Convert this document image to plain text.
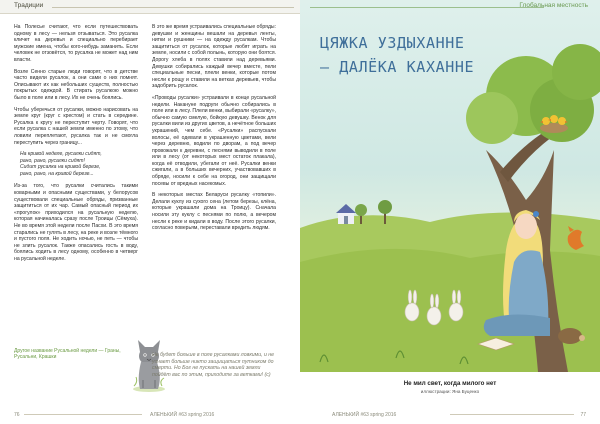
Традиции

На Полесье считают, что если путешествовать одному в лесу — нельзя отзываться. Это русалка кличет на деревья и специально перебирает мужские имена, чтобы кого-нибудь заманить. Если человек не отзовётся, то русалка не может над ним власти.

Возле Сенно старые люди говорят, что в детстве часто видели русалок, а они сами о них помнят. Описывают их как небольших существ, полностью покрытых одеждой. В стирать русалкою можно было в поле или в лесу. Их не очень боялись.

Чтобы уберечься от русалки, можно нарисовать на земле круг (круг с крестом) и стать в середине. Русалка к кругу не переступит черту. Говорят, что если русалка с нашей земли именно по этому, что ловили переплетают, русалка так и не смогла переступить через границу...

На кривой неделе, русалки сидят,
рано, рано, русалки сидят!
Сидит русалка на кривой березе,
рано, рано, на кривой березе...

Из-за того, что русалки считались такими коварными и опасными существами, у белорусов существовали специальные обряды, призванные защититься от их чар. Самый опасный период их «прогулок» приходился на русальную неделю, которая начиналась сразу после Троицы (Сёмуха). Не во время этой недели после Пасхи. В это время старались не гулять в лесу, на реке и возле тёмного и пустого поля. Не ходить ночью, не петь — чтобы не злить русалок. Также опасались гость в воду, боялись ходить в лесу одному, особенно в четверг на русальной неделе.

В это же время устраивались специальные обряды: девушки и женщины вешали на деревья ленты, нитки и рушники — на одежду русалкам. Чтобы защититься от русалок, которые любят играть на земле, носили с собой полынь, которую они боятся. Дорогу хлеба в полях ставили над деревьями. Девушки собирались каждый вечер вместе, пели специальные песни, плели венки, которые потом несли к рощу и ставили на ветках деревьев, чтобы задобрить русалок.

«Проводы русалки» устраивали в конце русальной недели. Накануне подруги обычно собирались в поле или в лесу. Плели венки, выбирали «русалку», обычно самую смелую, бойкую девушку. Венок для русалки вили из других цветов, а нечётное больших украшений, чем себе. «Русалки» распускали волосы, её одевали в украшенную цветами, вели через деревню, водили по дворам, а под вечер провожали к деревни, с песнями выводили в поле или в лесу (от некоторых мест остаток плакала), когда её отводили, убегали от неё. Русалки венки сжигали, а в больших вечерних, участвовавших в обряде, носили к себе на огород, они защищали посевы от вредных насекомых.

В некоторых местах Беларуси русалку «топили». Делали куклу из сухого сена (летом березы, клёна, которые украшали дома на Троицу). Сначала носили эту куклу с песнями по полю, а вечером несли к реке и кидали в воду. После этого русалки, согласно поверьям, переставали вредить людям.

Другое название Русальной недели — Граны, Русальни, Крашки	Не будет больше в поле русалками ловкими, и не узнает больше никто защищаться путником до смерти. Но Бог не пускать на нашей земли пойдёт вас по этим, приходите за ветками! (с)
76	АЛЕНЬКИЙ #63 spring 2016
Глобальная местность
ЦЯЖКА УЗДЫХАННЕ
— ДАЛЁКА КАХАННЕ
Не мил свет, когда милого нет
иллюстрации: Яна Буценко
АЛЕНЬКИЙ #63 spring 2016	77
